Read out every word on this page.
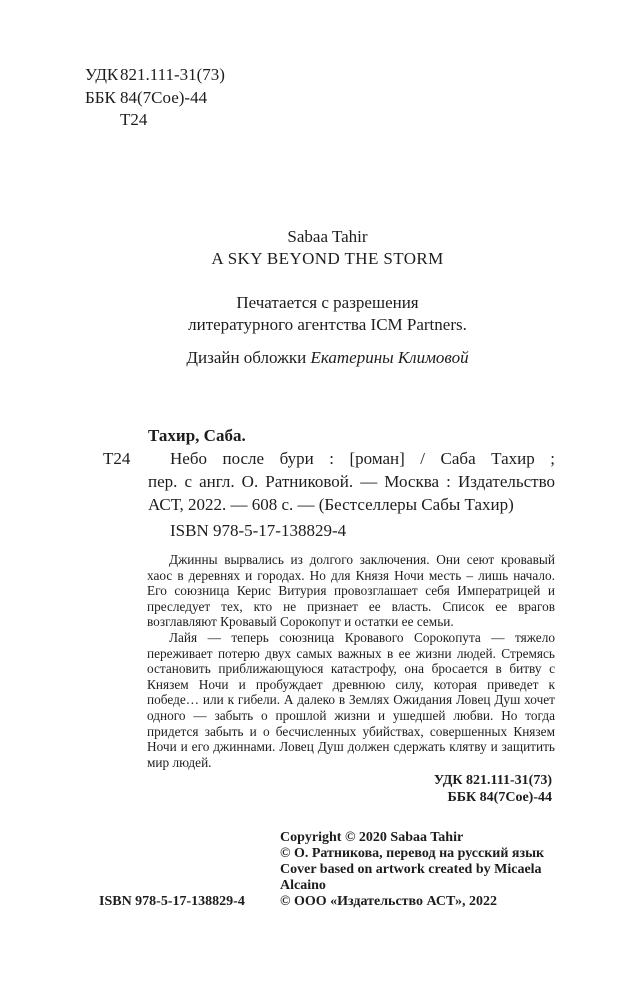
УДК 821.111-31(73)
ББК 84(7Сое)-44
Т24
Sabaa Tahir
A SKY BEYOND THE STORM
Печатается с разрешения
литературного агентства ICM Partners.
Дизайн обложки Екатерины Климовой
Т24
Тахир, Саба.
Небо после бури : [роман] / Саба Тахир ;
пер. с англ. О. Ратниковой. — Москва : Издательство
АСТ, 2022. — 608 с. — (Бестселлеры Сабы Тахир)
ISBN 978-5-17-138829-4

Джинны вырвались из долгого заключения. Они сеют кровавый хаос в деревнях и городах. Но для Князя Ночи месть – лишь начало. Его союзница Керис Витурия провозглашает себя Императрицей и преследует тех, кто не признает ее власть. Список ее врагов возглавляют Кровавый Сорокопут и остатки ее семьи.

Лайя — теперь союзница Кровавого Сорокопута — тяжело переживает потерю двух самых важных в ее жизни людей. Стремясь остановить приближающуюся катастрофу, она бросается в битву с Князем Ночи и пробуждает древнюю силу, которая приведет к победе… или к гибели. А далеко в Землях Ожидания Ловец Душ хочет одного — забыть о прошлой жизни и ушедшей любви. Но тогда придется забыть и о бесчисленных убийствах, совершенных Князем Ночи и его джиннами. Ловец Душ должен сдержать клятву и защитить мир людей.

УДК 821.111-31(73)
ББК 84(7Сое)-44
Copyright © 2020 Sabaa Tahir
© О. Ратникова, перевод на русский язык
Cover based on artwork created by Micaela
Alcaino
© ООО «Издательство АСТ», 2022
ISBN 978-5-17-138829-4
